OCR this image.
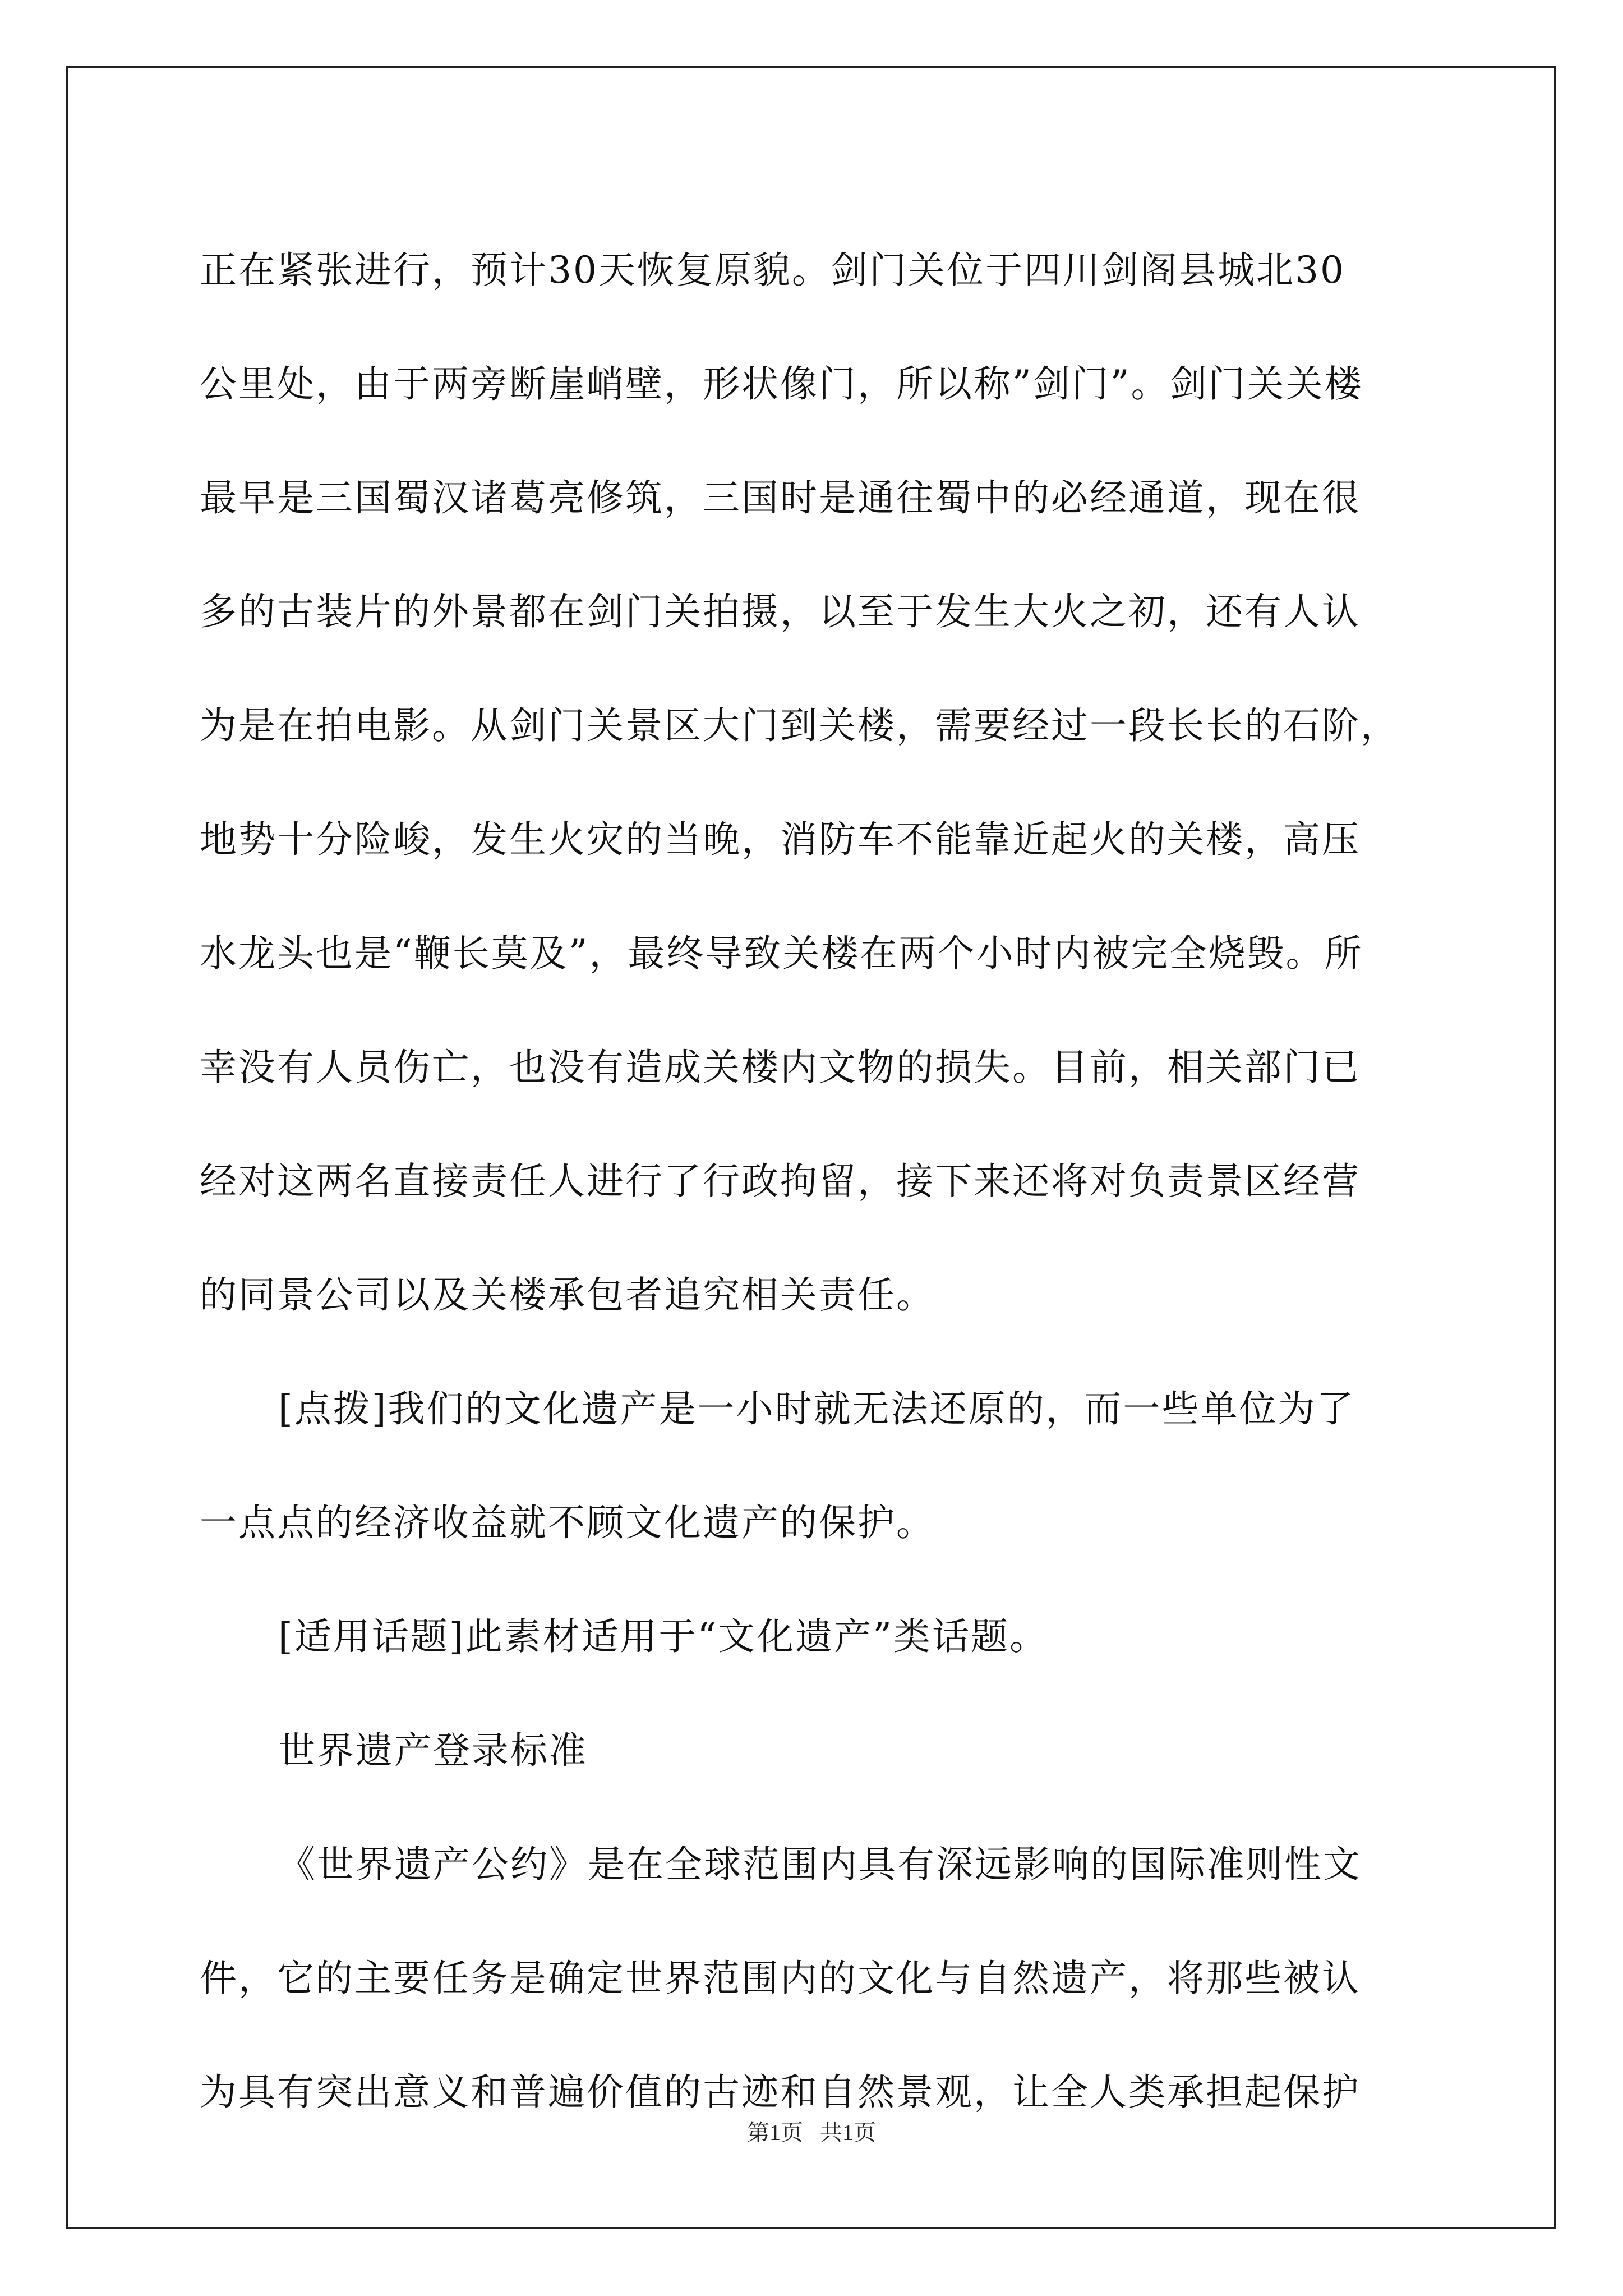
正在紧张进行，预计30天恢复原貌。剑门关位于四川剑阁县城北30
公里处，由于两旁断崖峭壁，形状像门，所以称”剑门”。剑门关关楼
最早是三国蜀汉诸葛亮修筑，三国时是通往蜀中的必经通道，现在很
多的古装片的外景都在剑门关拍摄，以至于发生大火之初，还有人认
为是在拍电影。从剑门关景区大门到关楼，需要经过一段长长的石阶，
地势十分险峻，发生火灾的当晚，消防车不能靠近起火的关楼，高压
水龙头也是“鞭长莫及”，最终导致关楼在两个小时内被完全烧毁。所
幸没有人员伤亡，也没有造成关楼内文物的损失。目前，相关部门已
经对这两名直接责任人进行了行政拘留，接下来还将对负责景区经营
的同景公司以及关楼承包者追究相关责任。
[点拨]我们的文化遗产是一小时就无法还原的，而一些单位为了
一点点的经济收益就不顾文化遗产的保护。
[适用话题]此素材适用于“文化遗产”类话题。
世界遗产登录标准
《世界遗产公约》是在全球范围内具有深远影响的国际准则性文
件，它的主要任务是确定世界范围内的文化与自然遗产，将那些被认
为具有突出意义和普遍价值的古迹和自然景观，让全人类承担起保护
第1页   共1页
